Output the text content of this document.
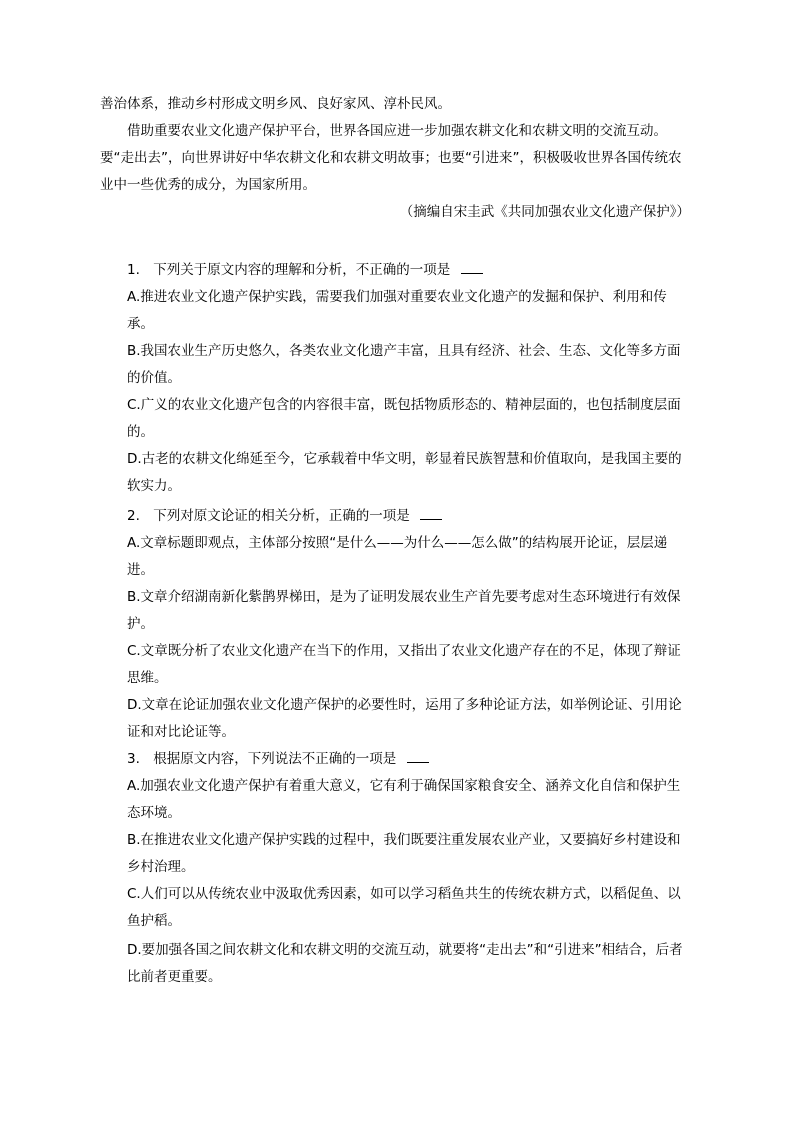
善治体系，推动乡村形成文明乡风、良好家风、淳朴民风。

借助重要农业文化遗产保护平台，世界各国应进一步加强农耕文化和农耕文明的交流互动。要“走出去”，向世界讲好中华农耕文化和农耕文明故事；也要“引进来”，积极吸收世界各国传统农业中一些优秀的成分，为国家所用。

（摘编自宋圭武《共同加强农业文化遗产保护》）

1. 下列关于原文内容的理解和分析，不正确的一项是

A.推进农业文化遗产保护实践，需要我们加强对重要农业文化遗产的发掘和保护、利用和传承。

B.我国农业生产历史悠久，各类农业文化遗产丰富，且具有经济、社会、生态、文化等多方面的价值。

C.广义的农业文化遗产包含的内容很丰富，既包括物质形态的、精神层面的，也包括制度层面的。

D.古老的农耕文化绵延至今，它承载着中华文明，彰显着民族智慧和价值取向，是我国主要的软实力。

2. 下列对原文论证的相关分析，正确的一项是

A.文章标题即观点，主体部分按照“是什么——为什么——怎么做”的结构展开论证，层层递进。

B.文章介绍湖南新化紫鹊界梯田，是为了证明发展农业生产首先要考虑对生态环境进行有效保护。

C.文章既分析了农业文化遗产在当下的作用，又指出了农业文化遗产存在的不足，体现了辩证思维。

D.文章在论证加强农业文化遗产保护的必要性时，运用了多种论证方法，如举例论证、引用论证和对比论证等。

3. 根据原文内容，下列说法不正确的一项是

A.加强农业文化遗产保护有着重大意义，它有利于确保国家粮食安全、涵养文化自信和保护生态环境。

B.在推进农业文化遗产保护实践的过程中，我们既要注重发展农业产业，又要搞好乡村建设和乡村治理。

C.人们可以从传统农业中汲取优秀因素，如可以学习稻鱼共生的传统农耕方式，以稻促鱼、以鱼护稻。

D.要加强各国之间农耕文化和农耕文明的交流互动，就要将“走出去”和“引进来”相结合，后者比前者更重要。
